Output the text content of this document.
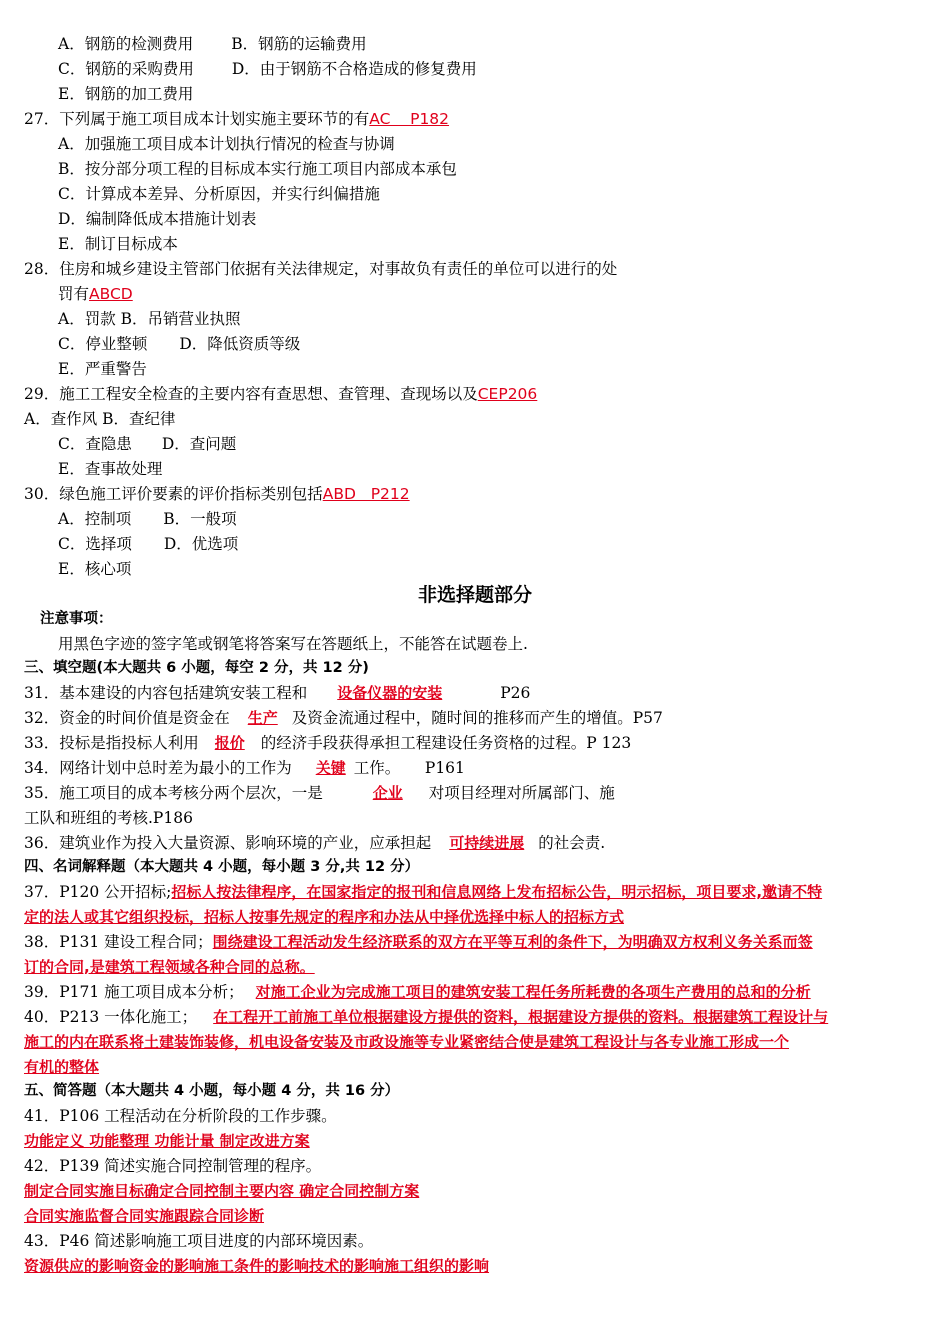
A．钢筋的检测费用 B．钢筋的运输费用
C．钢筋的采购费用 D．由于钢筋不合格造成的修复费用
E．钢筋的加工费用
27．下列属于施工项目成本计划实施主要环节的有AC    P182
A．加强施工项目成本计划执行情况的检查与协调
B．按分部分项工程的目标成本实行施工项目内部成本承包
C．计算成本差异、分析原因，并实行纠偏措施
D．编制降低成本措施计划表
E．制订目标成本
28．住房和城乡建设主管部门依据有关法律规定，对事故负有责任的单位可以进行的处
罚有ABCD
A．罚款 B．吊销营业执照
C．停业整顿 D．降低资质等级
E．严重警告
29．施工工程安全检查的主要内容有查思想、查管理、查现场以及CEP206
A．查作风 B．查纪律
C．查隐患 D．查问题
E．查事故处理
30．绿色施工评价要素的评价指标类别包括ABD   P212
A．控制项 B．一般项
C．选择项 D．优选项
E．核心项
非选择题部分
注意事项：
用黑色字迹的签字笔或钢笔将答案写在答题纸上，不能答在试题卷上.
三、填空题(本大题共 6 小题，每空 2 分，共 12 分)
31．基本建设的内容包括建筑安装工程和 设备仪器的安装	P26
32．资金的时间价值是资金在 生产 及资金流通过程中，随时间的推移而产生的增值。P57
33．投标是指投标人利用 报价 的经济手段获得承担工程建设任务资格的过程。P 123
34．网络计划中总时差为最小的工作为 关键 工作。     P161
35．施工项目的成本考核分两个层次，一是	企业 对项目经理对所属部门、施
工队和班组的考核.P186
36．建筑业作为投入大量资源、影响环境的产业，应承担起 可持续进展 的社会责.
四、名词解释题（本大题共 4 小题，每小题 3 分,共 12 分）
37．P120 公开招标;招标人按法律程序，在国家指定的报刊和信息网络上发布招标公告，明示招标，项目要求,邀请不特
定的法人或其它组织投标，招标人按事先规定的程序和办法从中择优选择中标人的招标方式
38．P131 建设工程合同；围绕建设工程活动发生经济联系的双方在平等互利的条件下，为明确双方权利义务关系而签
订的合同,是建筑工程领域各种合同的总称。
39．P171 施工项目成本分析； 对施工企业为完成施工项目的建筑安装工程任务所耗费的各项生产费用的总和的分析
40．P213 一体化施工； 在工程开工前施工单位根据建设方提供的资料，根据建设方提供的资料。根据建筑工程设计与
施工的内在联系将土建装饰装修，机电设备安装及市政设施等专业紧密结合使是建筑工程设计与各专业施工形成一个
有机的整体
五、简答题（本大题共 4 小题，每小题 4 分，共 16 分）
41．P106 工程活动在分析阶段的工作步骤。
功能定义 功能整理 功能计量 制定改进方案
42．P139 简述实施合同控制管理的程序。
制定合同实施目标确定合同控制主要内容 确定合同控制方案
合同实施监督合同实施跟踪合同诊断
43．P46 简述影响施工项目进度的内部环境因素。
资源供应的影响资金的影响施工条件的影响技术的影响施工组织的影响
